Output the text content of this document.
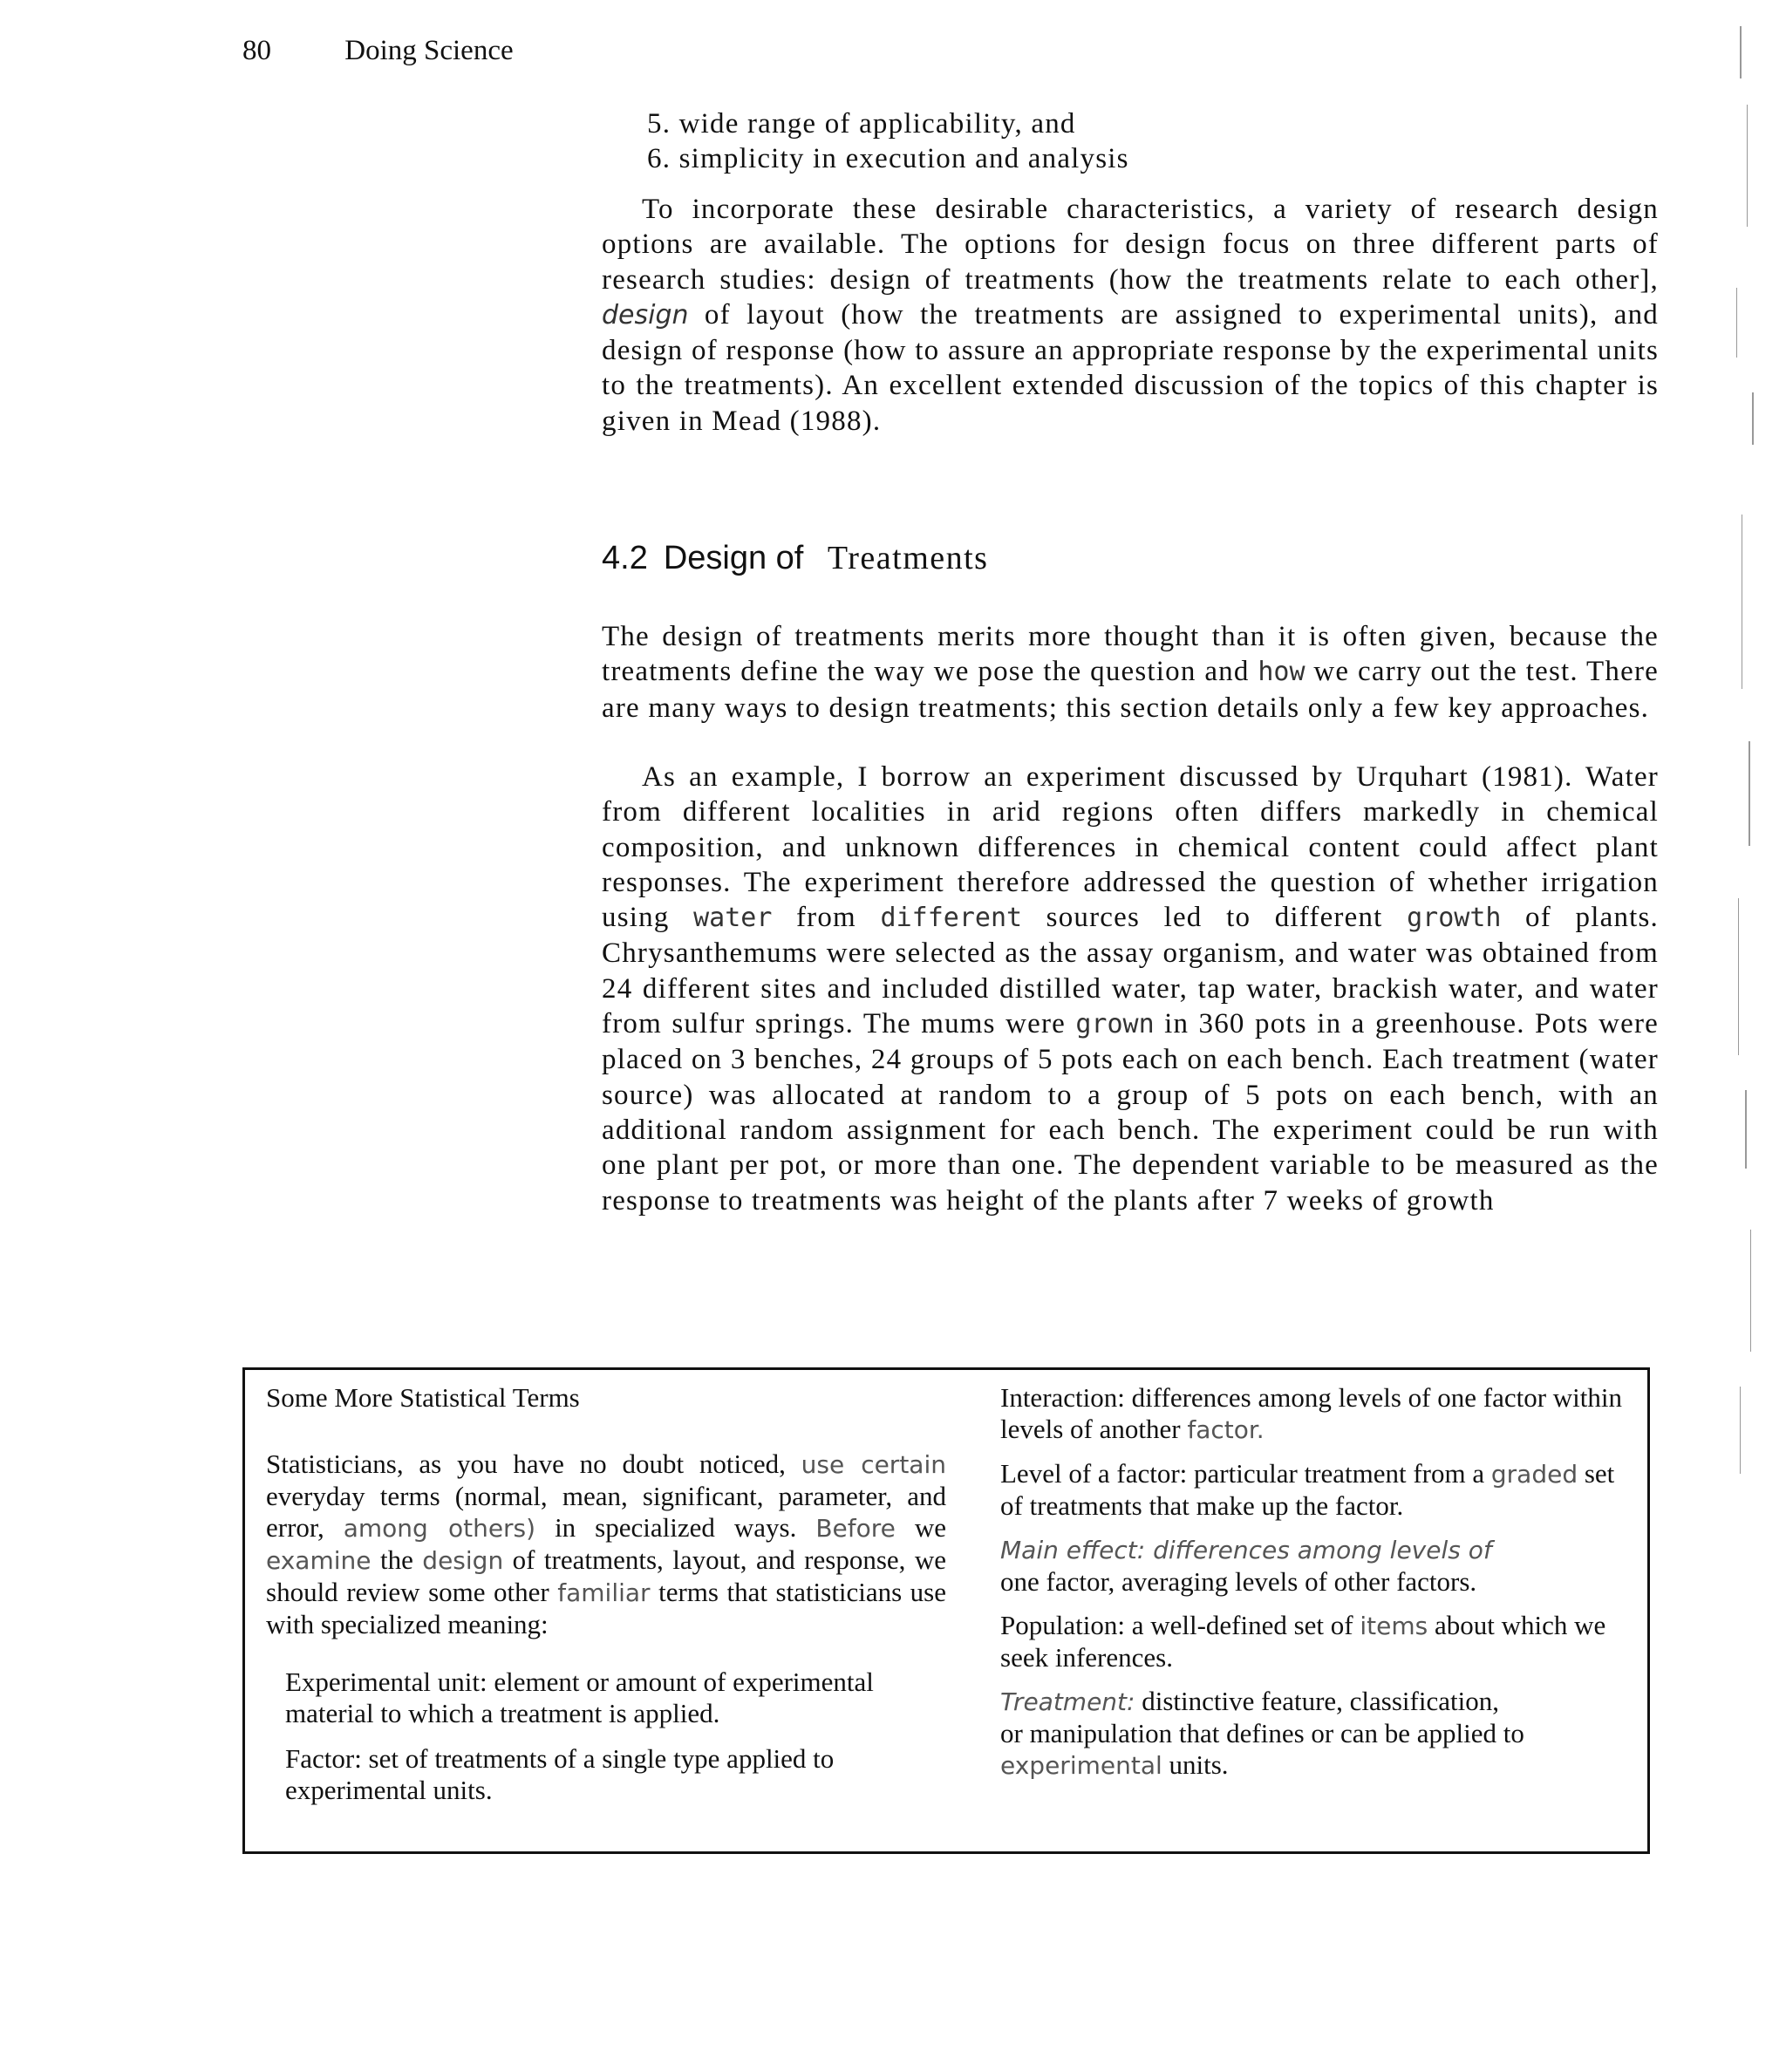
80	Doing Science
5. wide range of applicability, and
6. simplicity in execution and analysis

To incorporate these desirable characteristics, a variety of research design options are available. The options for design focus on three different parts of research studies: design of treatments (how the treatments relate to each other], design of layout (how the treatments are assigned to experimental units), and design of response (how to assure an appropriate response by the experimental units to the treatments). An excellent extended discussion of the topics of this chapter is given in Mead (1988).

4.2 Design of Treatments

The design of treatments merits more thought than it is often given, because the treatments define the way we pose the question and how we carry out the test. There are many ways to design treatments; this section details only a few key approaches.

As an example, I borrow an experiment discussed by Urquhart (1981). Water from different localities in arid regions often differs markedly in chemical composition, and unknown differences in chemical content could affect plant responses. The experiment therefore addressed the question of whether irrigation using water from different sources led to different growth of plants. Chrysanthemums were selected as the assay organism, and water was obtained from 24 different sites and included distilled water, tap water, brackish water, and water from sulfur springs. The mums were grown in 360 pots in a greenhouse. Pots were placed on 3 benches, 24 groups of 5 pots each on each bench. Each treatment (water source) was allocated at random to a group of 5 pots on each bench, with an additional random assignment for each bench. The experiment could be run with one plant per pot, or more than one. The dependent variable to be measured as the response to treatments was height of the plants after 7 weeks of growth

Some More Statistical Terms

Statisticians, as you have no doubt noticed, use certain everyday terms (normal, mean, significant, parameter, and error, among others) in specialized ways. Before we examine the design of treatments, layout, and response, we should review some other familiar terms that statisticians use with specialized meaning:

Experimental unit: element or amount of experimental material to which a treatment is applied.

Factor: set of treatments of a single type applied to experimental units.

Interaction: differences among levels of one factor within levels of another factor.

Level of a factor: particular treatment from a graded set of treatments that make up the factor.

Main effect: differences among levels of
one factor, averaging levels of other factors.

Population: a well-defined set of items about which we seek inferences.

Treatment: distinctive feature, classification,
or manipulation that defines or can be applied to experimental units.
